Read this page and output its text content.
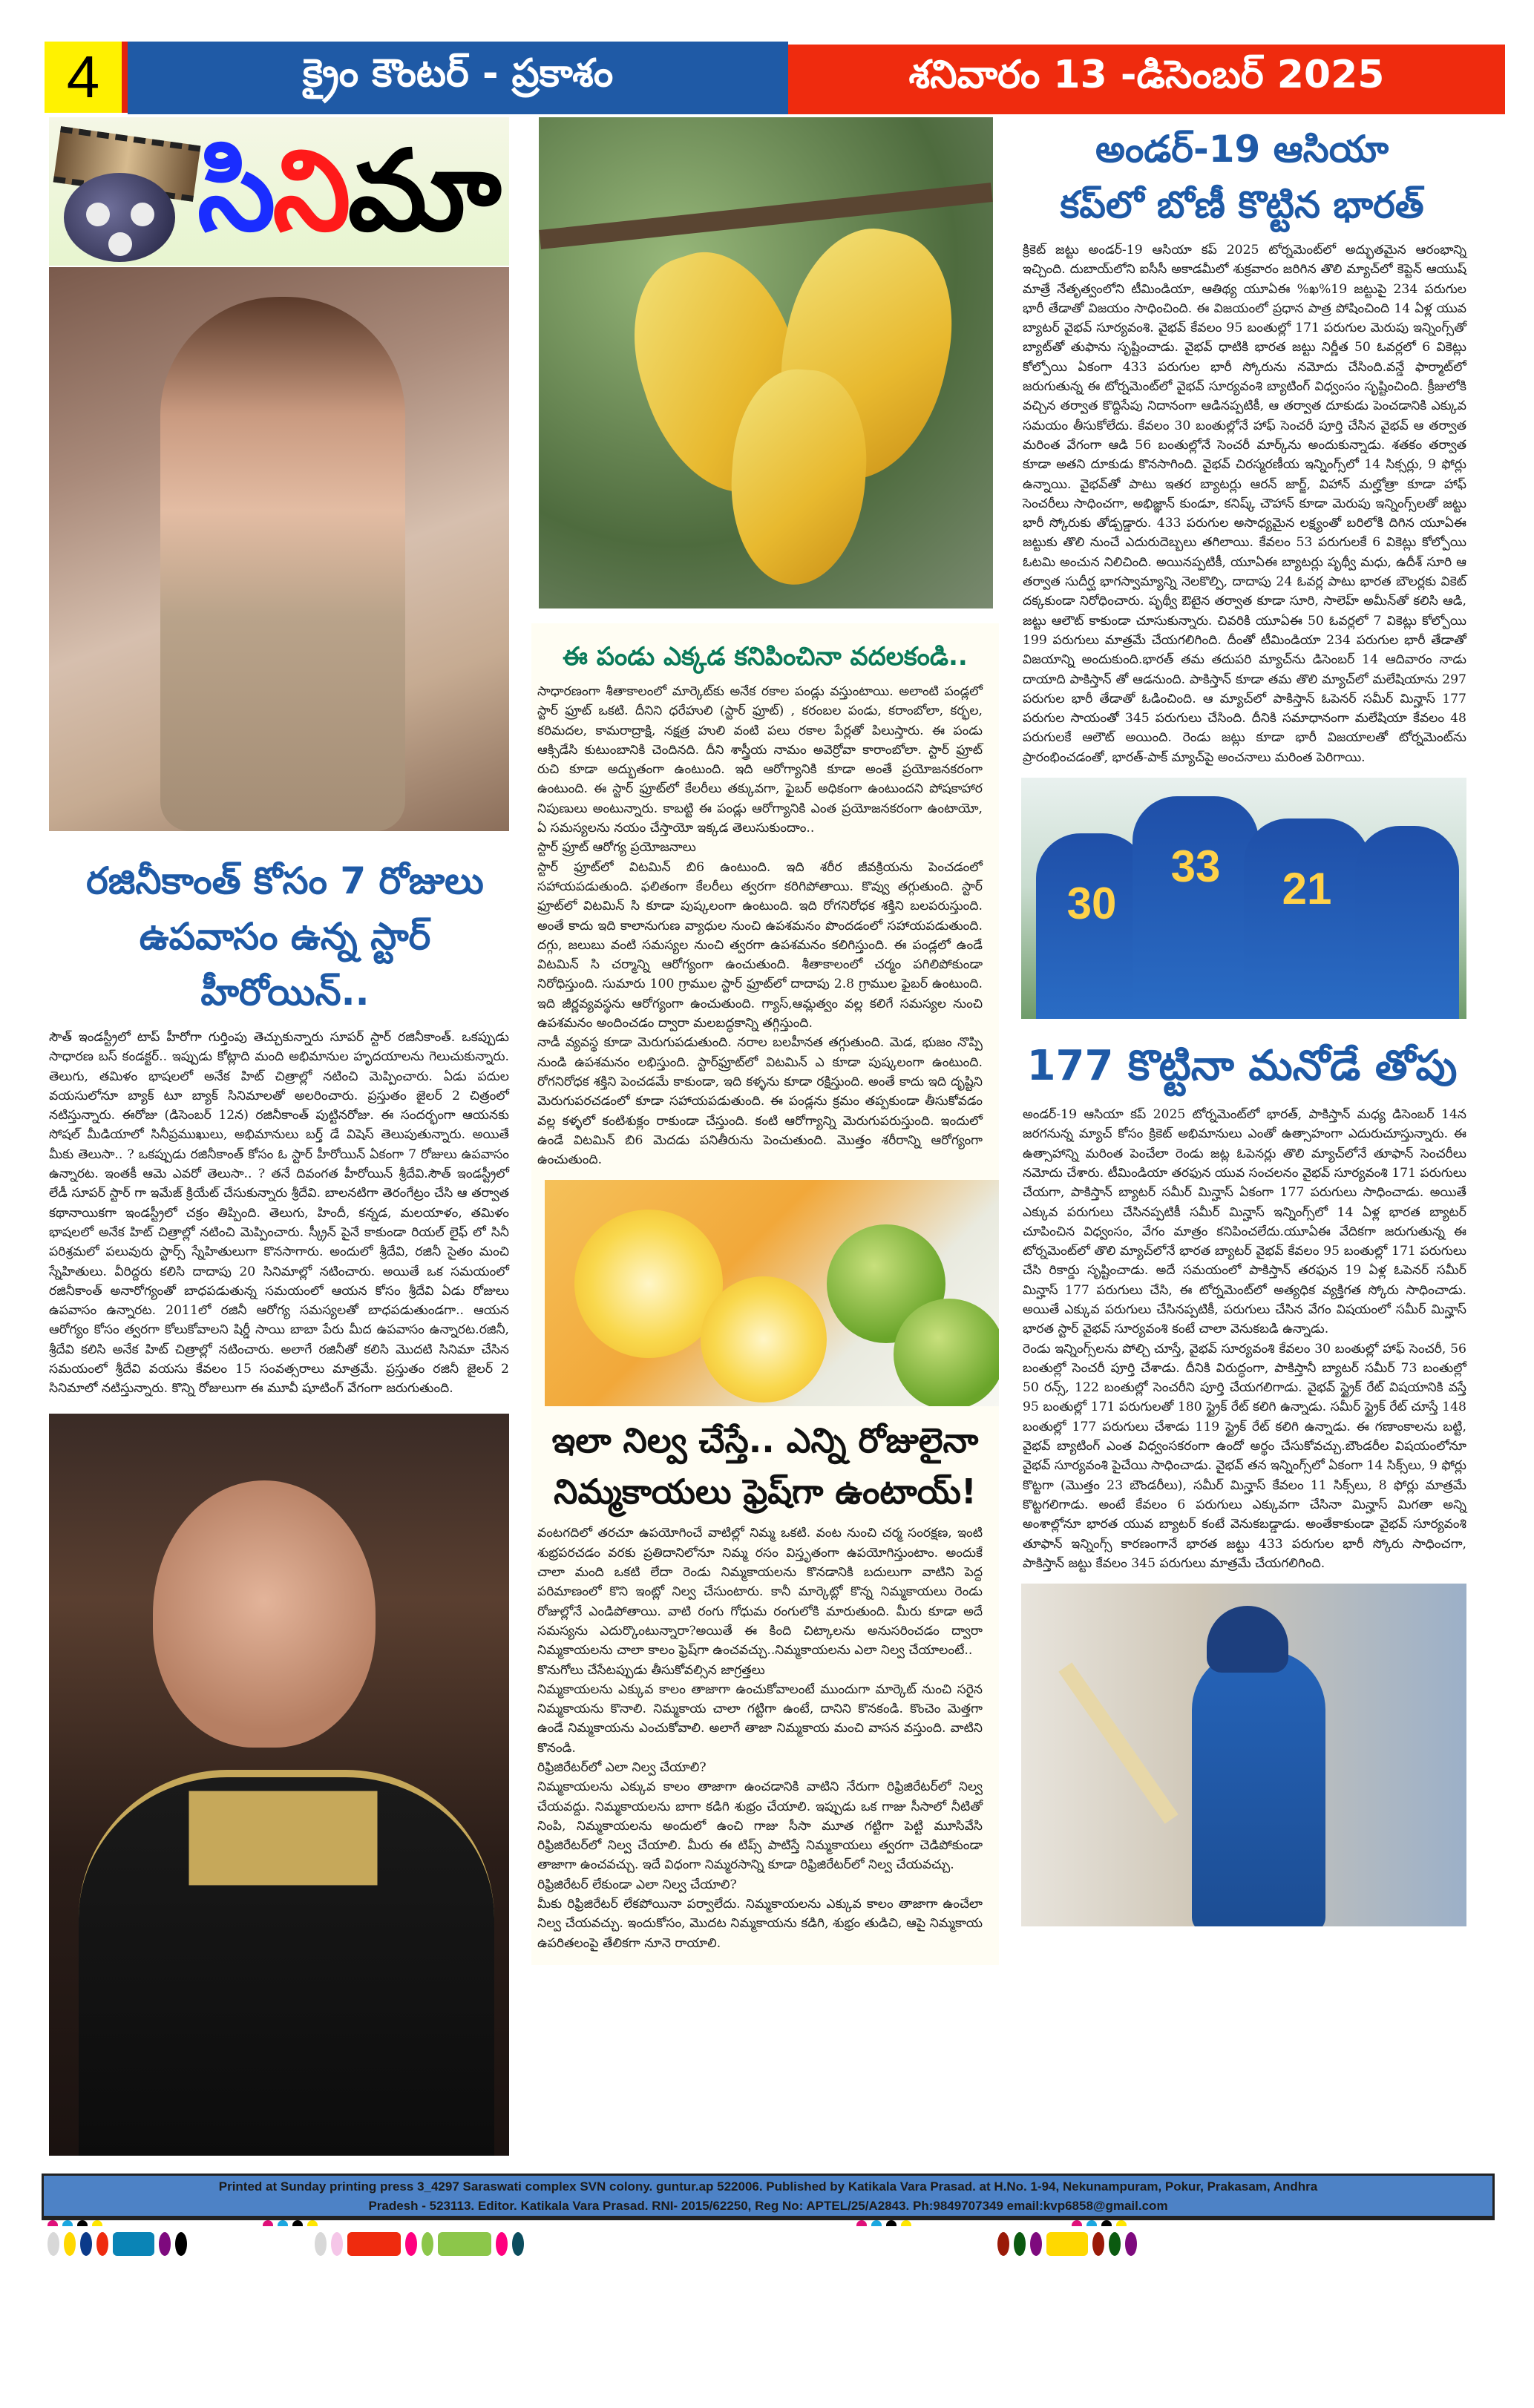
4	క్రైం కౌంటర్ - ప్రకాశం	శనివారం 13 -డిసెంబర్ 2025
సినిమా
రజినీకాంత్ కోసం 7 రోజులు
ఉపవాసం ఉన్న స్టార్ హీరోయిన్..

సౌత్ ఇండస్ట్రీలో టాప్ హీరోగా గుర్తింపు తెచ్చుకున్నారు సూపర్ స్టార్ రజినీకాంత్. ఒకప్పుడు సాధారణ బస్ కండక్టర్.. ఇప్పుడు కోట్లాది మంది అభిమానుల హృదయాలను గెలుచుకున్నారు. తెలుగు, తమిళం భాషలలో అనేక హిట్ చిత్రాల్లో నటించి మెప్పించారు. ఏడు పదుల వయసులోనూ బ్యాక్ టూ బ్యాక్ సినిమాలతో అలరించారు. ప్రస్తుతం జైలర్ 2 చిత్రంలో నటిస్తున్నారు. ఈరోజు (డిసెంబర్ 12న) రజినీకాంత్ పుట్టినరోజు. ఈ సందర్భంగా ఆయనకు సోషల్ మీడియాలో సినీప్రముఖులు, అభిమానులు బర్త్ డే విషెస్ తెలుపుతున్నారు. అయితే మీకు తెలుసా.. ? ఒకప్పుడు రజినీకాంత్ కోసం ఓ స్టార్ హీరోయిన్ ఏకంగా 7 రోజులు ఉపవాసం ఉన్నారట. ఇంతకీ ఆమె ఎవరో తెలుసా.. ? తనే దివంగత హీరోయిన్ శ్రీదేవి.సౌత్ ఇండస్ట్రీలో లేడీ సూపర్ స్టార్ గా ఇమేజ్ క్రియేట్ చేసుకున్నారు శ్రీదేవి. బాలనటిగా తెరంగేట్రం చేసి ఆ తర్వాత కథానాయికగా ఇండస్ట్రీలో చక్రం తిప్పింది. తెలుగు, హిందీ, కన్నడ, మలయాళం, తమిళం భాషలలో అనేక హిట్ చిత్రాల్లో నటించి మెప్పించారు. స్క్రీన్ పైనే కాకుండా రియల్ లైఫ్ లో సినీ పరిశ్రమలో పలువురు స్టార్స్ స్నేహితులుగా కొనసాగారు. అందులో శ్రీదేవి, రజినీ సైతం మంచి స్నేహితులు. వీరిద్దరు కలిసి దాదాపు 20 సినిమాల్లో నటించారు. అయితే ఒక సమయంలో రజినీకాంత్ అనారోగ్యంతో బాధపడుతున్న సమయంలో ఆయన కోసం శ్రీదేవి ఏడు రోజులు ఉపవాసం ఉన్నారట. 2011లో రజినీ ఆరోగ్య సమస్యలతో బాధపడుతుండగా.. ఆయన ఆరోగ్యం కోసం త్వరగా కోలుకోవాలని షిర్డీ సాయి బాబా పేరు మీద ఉపవాసం ఉన్నారట.రజినీ, శ్రీదేవి కలిసి అనేక హిట్ చిత్రాల్లో నటించారు. అలాగే రజినీతో కలిసి మొదటి సినిమా చేసిన సమయంలో శ్రీదేవి వయసు కేవలం 15 సంవత్సరాలు మాత్రమే. ప్రస్తుతం రజినీ జైలర్ 2 సినిమాలో నటిస్తున్నారు. కొన్ని రోజులుగా ఈ మూవీ షూటింగ్ వేగంగా జరుగుతుంది.

ఈ పండు ఎక్కడ కనిపించినా వదలకండి..

సాధారణంగా శీతాకాలంలో మార్కెట్‌కు అనేక రకాల పండ్లు వస్తుంటాయి. అలాంటి పండ్లలో స్టార్ ఫ్రూట్ ఒకటి. దీనిని ధరేహులి (స్టార్ ఫ్రూట్) , కరంబల పండు, కరాంబోలా, కర్భల, కరిమదల, కామరాద్రాక్షి, నక్షత్ర హులి వంటి పలు రకాల పేర్లతో పిలుస్తారు. ఈ పండు ఆక్సిడేసి కుటుంబానికి చెందినది. దీని శాస్త్రీయ నామం అవెర్రోవా కారాంబోలా. స్టార్ ఫ్రూట్ రుచి కూడా అద్భుతంగా ఉంటుంది. ఇది ఆరోగ్యానికి కూడా అంతే ప్రయోజనకరంగా ఉంటుంది. ఈ స్టార్ ఫ్రూట్‌లో కేలరీలు తక్కువగా, ఫైబర్ అధికంగా ఉంటుందని పోషకాహార నిపుణులు అంటున్నారు. కాబట్టి ఈ పండ్లు ఆరోగ్యానికి ఎంత ప్రయోజనకరంగా ఉంటాయో, ఏ సమస్యలను నయం చేస్తాయో ఇక్కడ తెలుసుకుందాం..

స్టార్ ఫ్రూట్ ఆరోగ్య ప్రయోజనాలు

స్టార్ ఫ్రూట్‌లో విటమిన్ బి6 ఉంటుంది. ఇది శరీర జీవక్రియను పెంచడంలో సహాయపడుతుంది. ఫలితంగా కేలరీలు త్వరగా కరిగిపోతాయి. కొవ్వు తగ్గుతుంది. స్టార్ ఫ్రూట్‌లో విటమిన్ సి కూడా పుష్కలంగా ఉంటుంది. ఇది రోగనిరోధక శక్తిని బలపరుస్తుంది. అంతే కాదు ఇది కాలానుగుణ వ్యాధుల నుంచి ఉపశమనం పొందడంలో సహాయపడుతుంది. దగ్గు, జలుబు వంటి సమస్యల నుంచి త్వరగా ఉపశమనం కలిగిస్తుంది. ఈ పండ్లలో ఉండే విటమిన్ సి చర్మాన్ని ఆరోగ్యంగా ఉంచుతుంది. శీతాకాలంలో చర్మం పగిలిపోకుండా నిరోధిస్తుంది. సుమారు 100 గ్రాముల స్టార్ ఫ్రూట్‌లో దాదాపు 2.8 గ్రాముల ఫైబర్ ఉంటుంది. ఇది జీర్ణవ్యవస్థను ఆరోగ్యంగా ఉంచుతుంది. గ్యాస్,ఆమ్లత్వం వల్ల కలిగే సమస్యల నుంచి ఉపశమనం అందించడం ద్వారా మలబద్ధకాన్ని తగ్గిస్తుంది.

నాడీ వ్యవస్థ కూడా మెరుగుపడుతుంది. నరాల బలహీనత తగ్గుతుంది. మెడ, భుజం నొప్పి నుండి ఉపశమనం లభిస్తుంది. స్టార్‌ఫ్రూట్‌లో విటమిన్ ఎ కూడా పుష్కలంగా ఉంటుంది. రోగనిరోధక శక్తిని పెంచడమే కాకుండా, ఇది కళ్ళను కూడా రక్షిస్తుంది. అంతే కాదు ఇది దృష్టిని మెరుగుపరచడంలో కూడా సహాయపడుతుంది. ఈ పండ్లను క్రమం తప్పకుండా తీసుకోవడం వల్ల కళ్ళలో కంటిశుక్లం రాకుండా చేస్తుంది. కంటి ఆరోగ్యాన్ని మెరుగుపరుస్తుంది. ఇందులో ఉండే విటమిన్ బి6 మెదడు పనితీరును పెంచుతుంది. మొత్తం శరీరాన్ని ఆరోగ్యంగా ఉంచుతుంది.

ఇలా నిల్వ చేస్తే.. ఎన్ని రోజులైనా
నిమ్మకాయలు ఫ్రెష్‌గా ఉంటాయ్!

వంటగదిలో తరచూ ఉపయోగించే వాటిల్లో నిమ్మ ఒకటి. వంట నుంచి చర్మ సంరక్షణ, ఇంటి శుభ్రపరచడం వరకు ప్రతిదానిలోనూ నిమ్మ రసం విస్తృతంగా ఉపయోగిస్తుంటాం. అందుకే చాలా మంది ఒకటి లేదా రెండు నిమ్మకాయలను కొనడానికి బదులుగా వాటిని పెద్ద పరిమాణంలో కొని ఇంట్లో నిల్వ చేసుంటారు. కానీ మార్కెట్లో కొన్న నిమ్మకాయలు రెండు రోజుల్లోనే ఎండిపోతాయి. వాటి రంగు గోధుమ రంగులోకి మారుతుంది. మీరు కూడా అదే సమస్యను ఎదుర్కొంటున్నారా?అయితే ఈ కింది చిట్కాలను అనుసరించడం ద్వారా నిమ్మకాయలను చాలా కాలం ఫ్రెష్‌గా ఉంచవచ్చు..నిమ్మకాయలను ఎలా నిల్వ చేయాలంటే..

కొనుగోలు చేసేటప్పుడు తీసుకోవల్సిన జాగ్రత్తలు

నిమ్మకాయలను ఎక్కువ కాలం తాజాగా ఉంచుకోవాలంటే ముందుగా మార్కెట్ నుంచి సరైన నిమ్మకాయను కొనాలి. నిమ్మకాయ చాలా గట్టిగా ఉంటే, దానిని కొనకండి. కొంచెం మెత్తగా ఉండే నిమ్మకాయను ఎంచుకోవాలి. అలాగే తాజా నిమ్మకాయ మంచి వాసన వస్తుంది. వాటిని కొనండి.

రిఫ్రిజిరేటర్‌లో ఎలా నిల్వ చేయాలి?

నిమ్మకాయలను ఎక్కువ కాలం తాజాగా ఉంచడానికి వాటిని నేరుగా రిఫ్రిజిరేటర్‌లో నిల్వ చేయవద్దు. నిమ్మకాయలను బాగా కడిగి శుభ్రం చేయాలి. ఇప్పుడు ఒక గాజు సీసాలో నీటితో నింపి, నిమ్మకాయలను అందులో ఉంచి గాజు సీసా మూత గట్టిగా పెట్టి మూసివేసి రిఫ్రిజిరేటర్‌లో నిల్వ చేయాలి. మీరు ఈ టిప్స్ పాటిస్తే నిమ్మకాయలు త్వరగా చెడిపోకుండా తాజాగా ఉంచవచ్చు. ఇదే విధంగా నిమ్మరసాన్ని కూడా రిఫ్రిజిరేటర్‌లో నిల్వ చేయవచ్చు.

రిఫ్రిజిరేటర్ లేకుండా ఎలా నిల్వ చేయాలి?

మీకు రిఫ్రిజిరేటర్ లేకపోయినా పర్వాలేదు. నిమ్మకాయలను ఎక్కువ కాలం తాజాగా ఉంచేలా నిల్వ చేయవచ్చు. ఇందుకోసం, మొదట నిమ్మకాయను కడిగి, శుభ్రం తుడిచి, ఆపై నిమ్మకాయ ఉపరితలంపై తేలికగా నూనె రాయాలి.

అండర్-19 ఆసియా
కప్‌లో బోణీ కొట్టిన భారత్

క్రికెట్ జట్టు అండర్-19 ఆసియా కప్ 2025 టోర్నమెంట్‌లో అద్భుతమైన ఆరంభాన్ని ఇచ్చింది. దుబాయ్‌లోని ఐసీసీ అకాడమీలో శుక్రవారం జరిగిన తొలి మ్యాచ్‌లో కెప్టెన్ ఆయుష్ మాత్రే నేతృత్వంలోని టీమిండియా, ఆతిథ్య యూఏఈ %ఖ%19 జట్టుపై 234 పరుగుల భారీ తేడాతో విజయం సాధించింది. ఈ విజయంలో ప్రధాన పాత్ర పోషించింది 14 ఏళ్ల యువ బ్యాటర్ వైభవ్ సూర్యవంశి. వైభవ్ కేవలం 95 బంతుల్లో 171 పరుగుల మెరుపు ఇన్నింగ్స్‌తో బ్యాట్‌తో తుఫాను సృష్టించాడు. వైభవ్ ధాటికి భారత జట్టు నిర్ణీత 50 ఓవర్లలో 6 వికెట్లు కోల్పోయి ఏకంగా 433 పరుగుల భారీ స్కోరును నమోదు చేసింది.వన్డే ఫార్మాట్‌లో జరుగుతున్న ఈ టోర్నమెంట్‌లో వైభవ్ సూర్యవంశి బ్యాటింగ్ విధ్వంసం సృష్టించింది. క్రీజులోకి వచ్చిన తర్వాత కొద్దిసేపు నిదానంగా ఆడినప్పటికీ, ఆ తర్వాత దూకుడు పెంచడానికి ఎక్కువ సమయం తీసుకోలేదు. కేవలం 30 బంతుల్లోనే హాఫ్ సెంచరీ పూర్తి చేసిన వైభవ్ ఆ తర్వాత మరింత వేగంగా ఆడి 56 బంతుల్లోనే సెంచరీ మార్క్‌ను అందుకున్నాడు. శతకం తర్వాత కూడా అతని దూకుడు కొనసాగింది. వైభవ్ చిరస్మరణీయ ఇన్నింగ్స్‌లో 14 సిక్సర్లు, 9 ఫోర్లు ఉన్నాయి. వైభవ్‌తో పాటు ఇతర బ్యాటర్లు ఆరన్ జార్జ్, విహాన్ మల్హోత్రా కూడా హాఫ్ సెంచరీలు సాధించగా, అభిజ్ఞాన్ కుండూ, కనిష్క్ చౌహాన్ కూడా మెరుపు ఇన్నింగ్స్‌లతో జట్టు భారీ స్కోరుకు తోడ్పడ్డారు. 433 పరుగుల అసాధ్యమైన లక్ష్యంతో బరిలోకి దిగిన యూఏఈ జట్టుకు తొలి నుంచే ఎదురుదెబ్బలు తగిలాయి. కేవలం 53 పరుగులకే 6 వికెట్లు కోల్పోయి ఓటమి అంచున నిలిచింది. అయినప్పటికీ, యూఏఈ బ్యాటర్లు పృథ్వీ మధు, ఉదీశ్ సూరి ఆ తర్వాత సుదీర్ఘ భాగస్వామ్యాన్ని నెలకొల్పి, దాదాపు 24 ఓవర్ల పాటు భారత బౌలర్లకు వికెట్ దక్కకుండా నిరోధించారు. పృథ్వీ ఔటైన తర్వాత కూడా సూరి, సాలెహ్ అమీన్‌తో కలిసి ఆడి, జట్టు ఆలౌట్ కాకుండా చూసుకున్నారు. చివరికి యూఏఈ 50 ఓవర్లలో 7 వికెట్లు కోల్పోయి 199 పరుగులు మాత్రమే చేయగలిగింది. దీంతో టీమిండియా 234 పరుగుల భారీ తేడాతో విజయాన్ని అందుకుంది.భారత్ తమ తదుపరి మ్యాచ్‌ను డిసెంబర్ 14 ఆదివారం నాడు దాయాది పాకిస్తాన్ తో ఆడనుంది. పాకిస్తాన్ కూడా తమ తొలి మ్యాచ్‌లో మలేషియాను 297 పరుగుల భారీ తేడాతో ఓడించింది. ఆ మ్యాచ్‌లో పాకిస్తాన్ ఓపెనర్ సమీర్ మిన్హాస్ 177 పరుగుల సాయంతో 345 పరుగులు చేసింది. దీనికి సమాధానంగా మలేషియా కేవలం 48 పరుగులకే ఆలౌట్ అయింది. రెండు జట్లు కూడా భారీ విజయాలతో టోర్నమెంట్‌ను ప్రారంభించడంతో, భారత్-పాక్ మ్యాచ్‌పై అంచనాలు మరింత పెరిగాయి.

30
33	21
177 కొట్టినా మనోడే తోపు

అండర్-19 ఆసియా కప్ 2025 టోర్నమెంట్‌లో భారత్, పాకిస్తాన్ మధ్య డిసెంబర్ 14న జరగనున్న మ్యాచ్ కోసం క్రికెట్ అభిమానులు ఎంతో ఉత్సాహంగా ఎదురుచూస్తున్నారు. ఈ ఉత్సాహాన్ని మరింత పెంచేలా రెండు జట్ల ఓపెనర్లు తొలి మ్యాచ్‌లోనే తూఫాన్ సెంచరీలు నమోదు చేశారు. టీమిండియా తరఫున యువ సంచలనం వైభవ్ సూర్యవంశి 171 పరుగులు చేయగా, పాకిస్తాన్ బ్యాటర్ సమీర్ మిన్హాస్ ఏకంగా 177 పరుగులు సాధించాడు. అయితే ఎక్కువ పరుగులు చేసినప్పటికీ సమీర్ మిన్హాస్ ఇన్నింగ్స్‌లో 14 ఏళ్ల భారత బ్యాటర్ చూపించిన విధ్వంసం, వేగం మాత్రం కనిపించలేదు.యూఏఈ వేదికగా జరుగుతున్న ఈ టోర్నమెంట్‌లో తొలి మ్యాచ్‌లోనే భారత బ్యాటర్ వైభవ్ కేవలం 95 బంతుల్లో 171 పరుగులు చేసి రికార్డు సృష్టించాడు. అదే సమయంలో పాకిస్తాన్ తరఫున 19 ఏళ్ల ఓపెనర్ సమీర్ మిన్హాస్ 177 పరుగులు చేసి, ఈ టోర్నమెంట్‌లో అత్యధిక వ్యక్తిగత స్కోరు సాధించాడు. అయితే ఎక్కువ పరుగులు చేసినప్పటికీ, పరుగులు చేసిన వేగం విషయంలో సమీర్ మిన్హాస్ భారత స్టార్ వైభవ్ సూర్యవంశి కంటే చాలా వెనుకబడి ఉన్నాడు.

రెండు ఇన్నింగ్స్‌లను పోల్చి చూస్తే, వైభవ్ సూర్యవంశి కేవలం 30 బంతుల్లో హాఫ్ సెంచరీ, 56 బంతుల్లో సెంచరీ పూర్తి చేశాడు. దీనికి విరుద్ధంగా, పాకిస్తానీ బ్యాటర్ సమీర్ 73 బంతుల్లో 50 రన్స్, 122 బంతుల్లో సెంచరీని పూర్తి చేయగలిగాడు. వైభవ్ స్ట్రైక్ రేట్ విషయానికి వస్తే 95 బంతుల్లో 171 పరుగులతో 180 స్ట్రైక్ రేట్ కలిగి ఉన్నాడు. సమీర్ స్ట్రైక్ రేట్ చూస్తే 148 బంతుల్లో 177 పరుగులు చేశాడు 119 స్ట్రైక్ రేట్ కలిగి ఉన్నాడు. ఈ గణాంకాలను బట్టి, వైభవ్ బ్యాటింగ్ ఎంత విధ్వంసకరంగా ఉందో అర్థం చేసుకోవచ్చు.బౌండరీల విషయంలోనూ వైభవ్ సూర్యవంశి పైచేయి సాధించాడు. వైభవ్ తన ఇన్నింగ్స్‌లో ఏకంగా 14 సిక్స్‌లు, 9 ఫోర్లు కొట్టగా (మొత్తం 23 బౌండరీలు), సమీర్ మిన్హాస్ కేవలం 11 సిక్స్‌లు, 8 ఫోర్లు మాత్రమే కొట్టగలిగాడు. అంటే కేవలం 6 పరుగులు ఎక్కువగా చేసినా మిన్హాస్ మిగతా అన్ని అంశాల్లోనూ భారత యువ బ్యాటర్ కంటే వెనుకబడ్డాడు. అంతేకాకుండా వైభవ్ సూర్యవంశి తూఫాన్ ఇన్నింగ్స్ కారణంగానే భారత జట్టు 433 పరుగుల భారీ స్కోరు సాధించగా, పాకిస్తాన్ జట్టు కేవలం 345 పరుగులు మాత్రమే చేయగలిగింది.

Printed at Sunday printing press 3_4297 Saraswati complex SVN colony. guntur.ap 522006. Published by Katikala Vara Prasad. at H.No. 1-94, Nekunampuram, Pokur, Prakasam, Andhra
Pradesh - 523113. Editor. Katikala Vara Prasad. RNI- 2015/62250, Reg No: APTEL/25/A2843. Ph:9849707349 email:kvp6858@gmail.com
